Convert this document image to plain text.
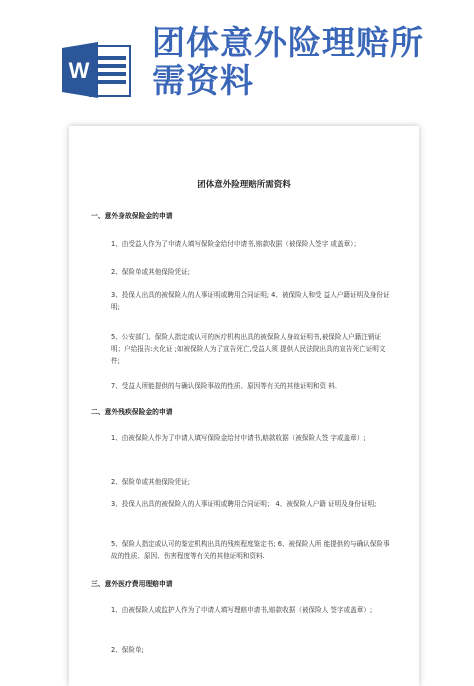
W
团体意外险理赔所需资料
团体意外险理赔所需资料

一、意外身故保险金的申请

1、由受益人作为了申请人填写保险金给付申请书,赔款收据（被保险人签字 或盖章）；

2、保险单或其他保险凭证;

3、投保人出具的被保险人的人事证明或聘用合同证明; 4、被保险人和受 益人户籍证明及身份证明;

5、公安部门、保险人指定或认可的医疗机构出具的被保险人身故证明书,被保险人户籍注销证明；户给报告:火化证 ;如被保险人为了宣告死亡,受益人须 提供人民法院出具的宣告死亡证明文件;

7、受益人所能提供的与确认保险事故的性质、原因等有关的其他证明和资 料.

二、意外残疾保险金的申请

1、由被保险人作为了申请人填写保险金给付申请书,赔款收据（被保险人签 字或盖章）;

2、保险单或其他保险凭证;

3、投保人出具的被保险人的人事证明或聘用合同证明； 4、被保险人户籍 证明及身份证明;

5、保险人指定或认可的鉴定机构出具的残疾程度鉴定书; 6、被保险人所 能提供的与确认保险事故的性质、原因、伤害程度等有关的其他证明和资料.

三、意外医疗费用理赔申请

1、由被保险人或监护人作为了申请人填写理赔申请书,赔款收据（被保险人 签字或盖章）;

2、保险单;
